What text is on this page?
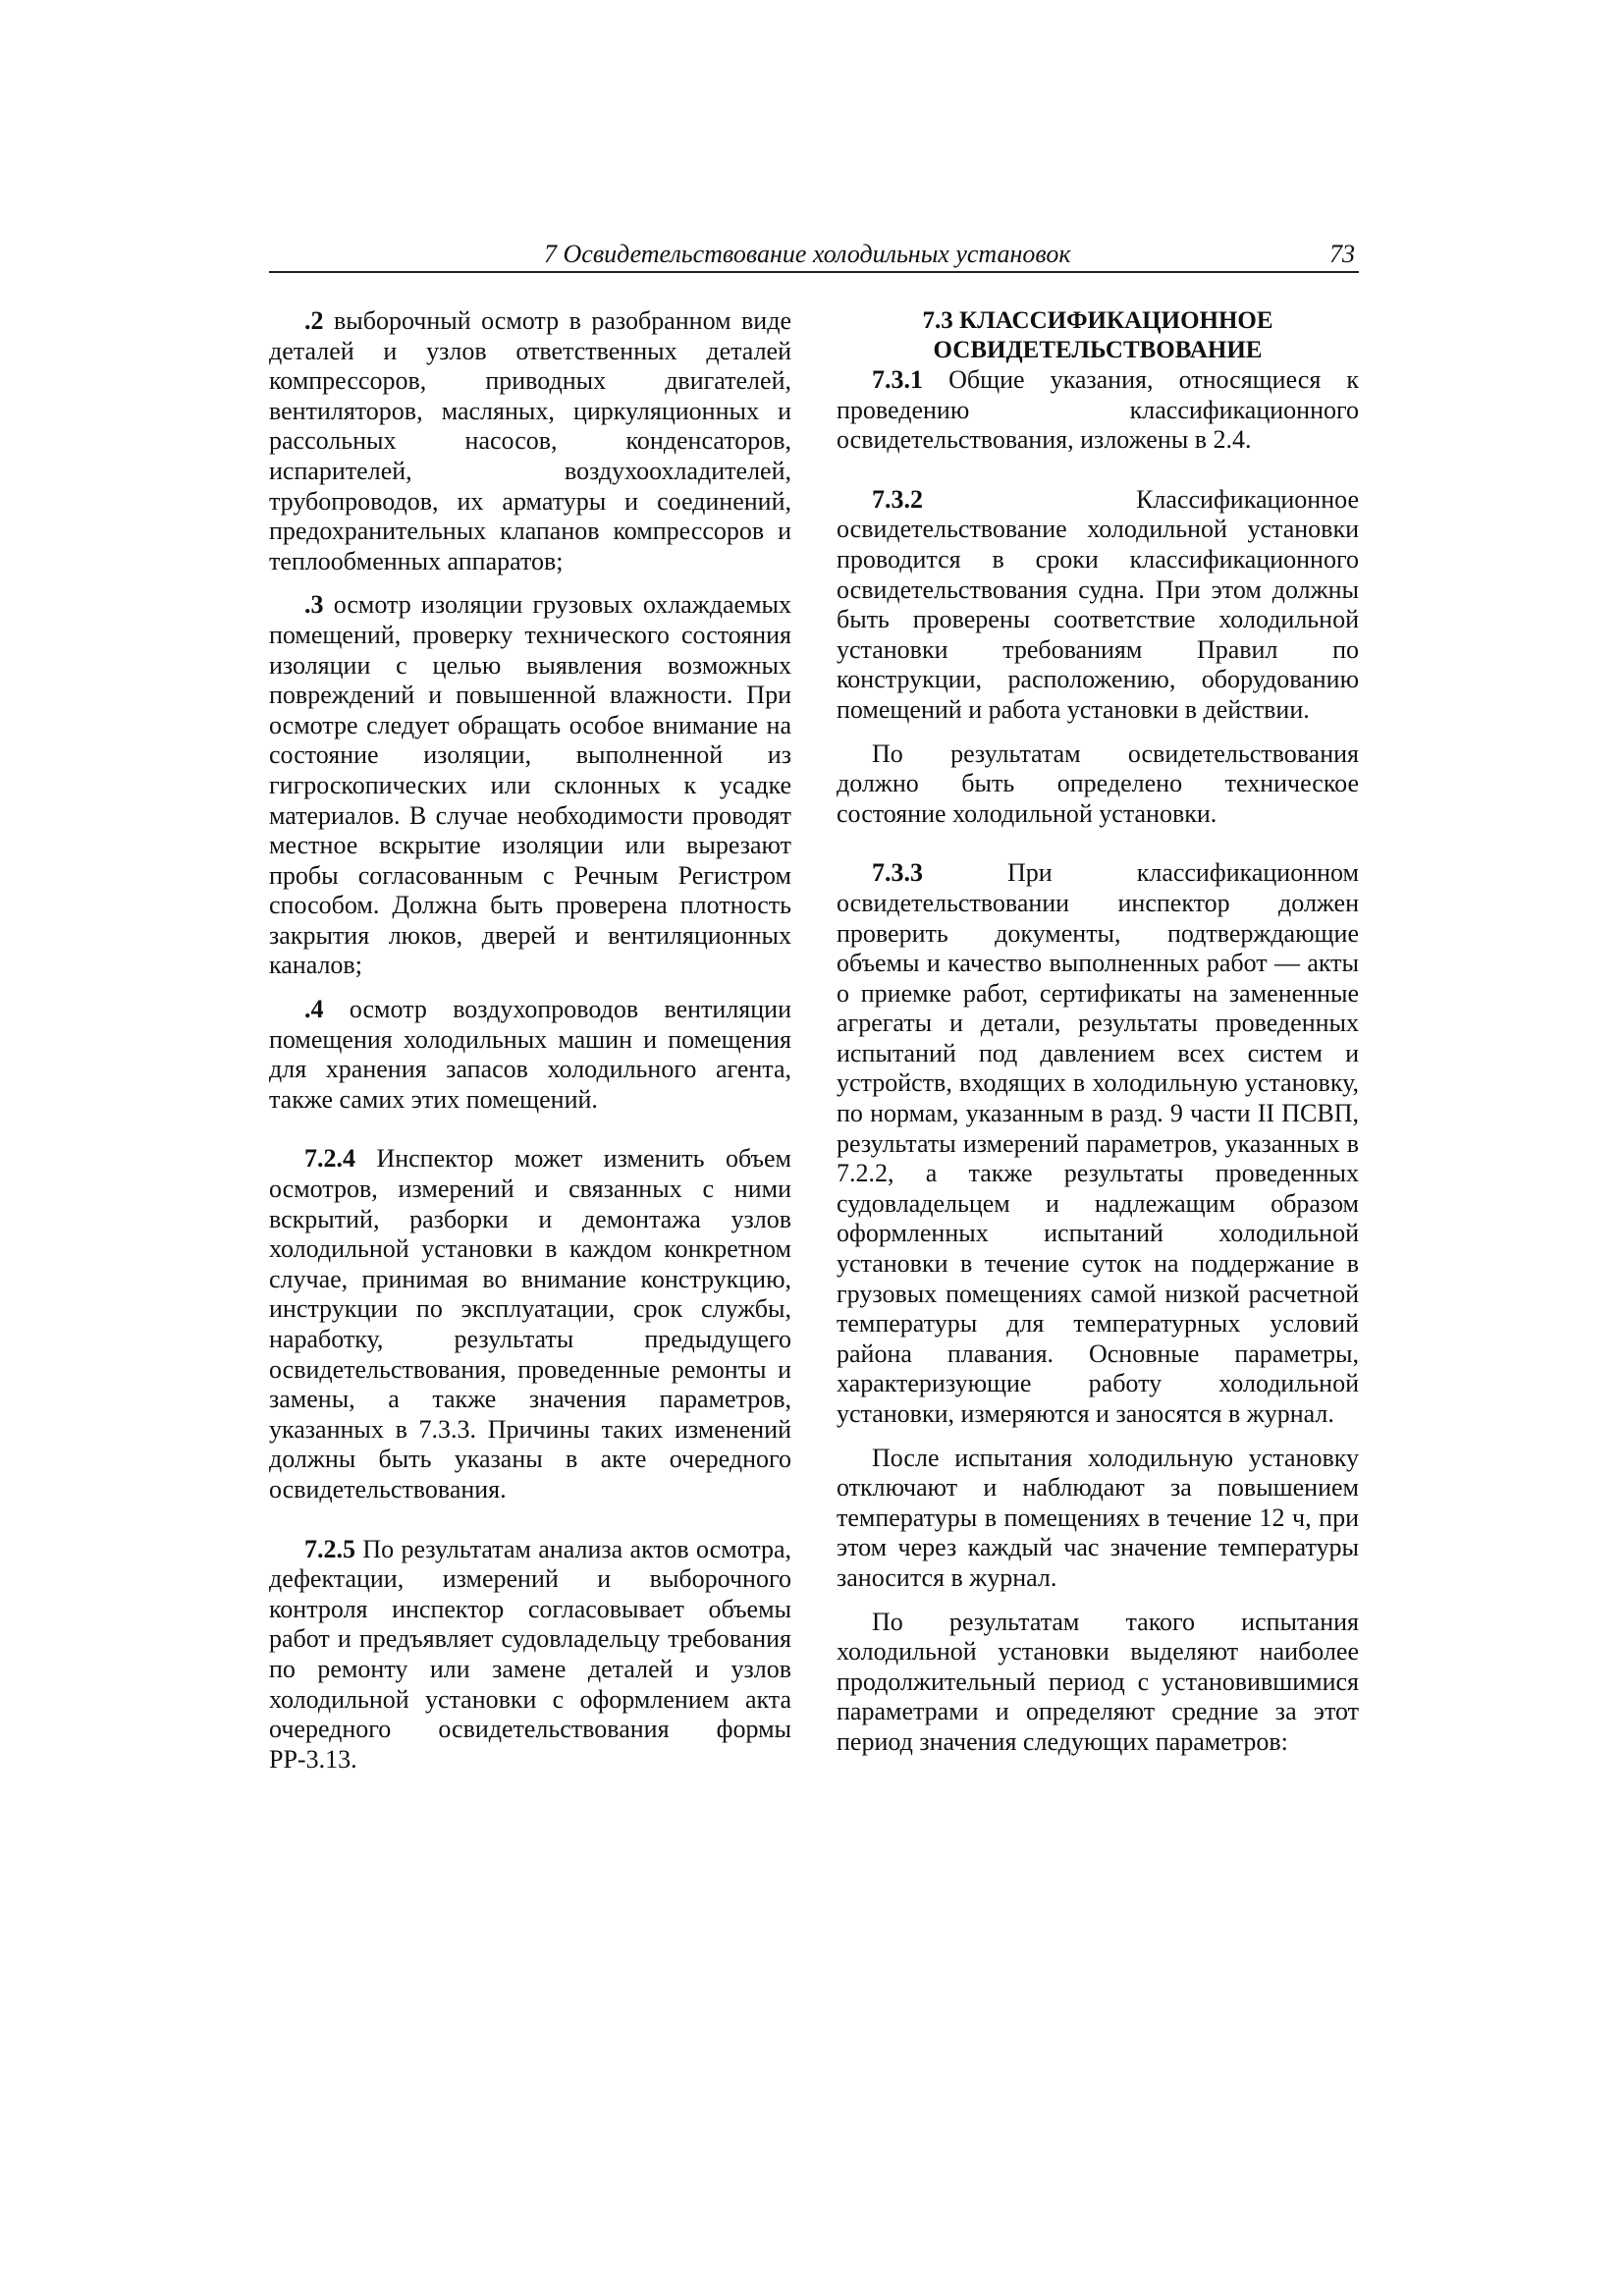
7 Освидетельствование холодильных установок	73

.2 выборочный осмотр в разобранном виде деталей и узлов ответственных деталей компрессоров, приводных двигателей, вентиляторов, масляных, циркуляционных и рассольных насосов, конденсаторов, испарителей, воздухоохладителей, трубопроводов, их арматуры и соединений, предохранительных клапанов компрессоров и теплообменных аппаратов;

.3 осмотр изоляции грузовых охлаждаемых помещений, проверку технического состояния изоляции с целью выявления возможных повреждений и повышенной влажности. При осмотре следует обращать особое внимание на состояние изоляции, выполненной из гигроскопических или склонных к усадке материалов. В случае необходимости проводят местное вскрытие изоляции или вырезают пробы согласованным с Речным Регистром способом. Должна быть проверена плотность закрытия люков, дверей и вентиляционных каналов;

.4 осмотр воздухопроводов вентиляции помещения холодильных машин и помещения для хранения запасов холодильного агента, также самих этих помещений.

7.2.4 Инспектор может изменить объем осмотров, измерений и связанных с ними вскрытий, разборки и демонтажа узлов холодильной установки в каждом конкретном случае, принимая во внимание конструкцию, инструкции по эксплуатации, срок службы, наработку, результаты предыдущего освидетельствования, проведенные ремонты и замены, а также значения параметров, указанных в 7.3.3. Причины таких изменений должны быть указаны в акте очередного освидетельствования.

7.2.5 По результатам анализа актов осмотра, дефектации, измерений и выборочного контроля инспектор согласовывает объемы работ и предъявляет судовладельцу требования по ремонту или замене деталей и узлов холодильной установки с оформлением акта очередного освидетельствования формы РР-3.13.

7.3 КЛАССИФИКАЦИОННОЕ
ОСВИДЕТЕЛЬСТВОВАНИЕ

7.3.1 Общие указания, относящиеся к проведению классификационного освидетельствования, изложены в 2.4.

7.3.2 Классификационное освидетельствование холодильной установки проводится в сроки классификационного освидетельствования судна. При этом должны быть проверены соответствие холодильной установки требованиям Правил по конструкции, расположению, оборудованию помещений и работа установки в действии.

По результатам освидетельствования должно быть определено техническое состояние холодильной установки.

7.3.3 При классификационном освидетельствовании инспектор должен проверить документы, подтверждающие объемы и качество выполненных работ — акты о приемке работ, сертификаты на замененные агрегаты и детали, результаты проведенных испытаний под давлением всех систем и устройств, входящих в холодильную установку, по нормам, указанным в разд. 9 части II ПСВП, результаты измерений параметров, указанных в 7.2.2, а также результаты проведенных судовладельцем и надлежащим образом оформленных испытаний холодильной установки в течение суток на поддержание в грузовых помещениях самой низкой расчетной температуры для температурных условий района плавания. Основные параметры, характеризующие работу холодильной установки, измеряются и заносятся в журнал.

После испытания холодильную установку отключают и наблюдают за повышением температуры в помещениях в течение 12 ч, при этом через каждый час значение температуры заносится в журнал.

По результатам такого испытания холодильной установки выделяют наиболее продолжительный период с установившимися параметрами и определяют средние за этот период значения следующих параметров:
